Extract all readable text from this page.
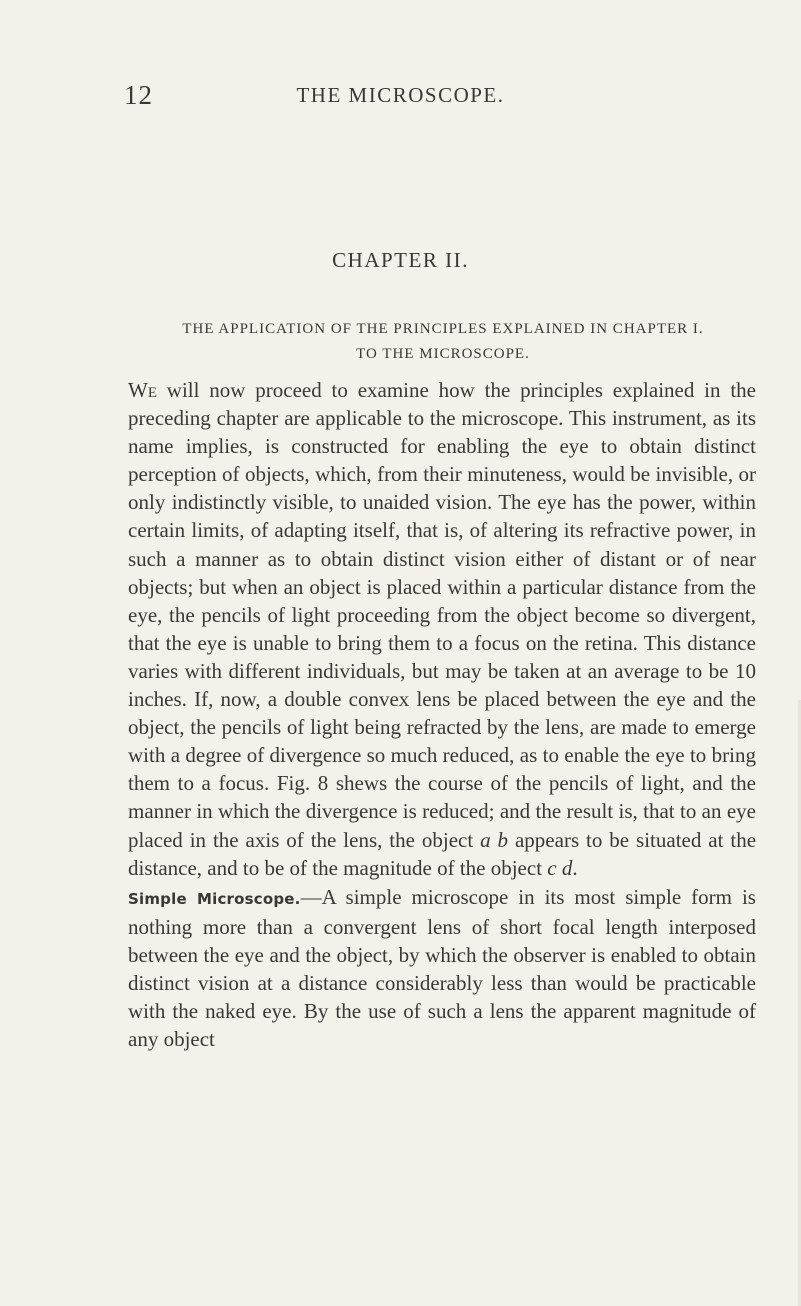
12	THE MICROSCOPE.
CHAPTER II.
THE APPLICATION OF THE PRINCIPLES EXPLAINED IN CHAPTER I.
TO THE MICROSCOPE.

We will now proceed to examine how the principles explained in the preceding chapter are applicable to the microscope. This instrument, as its name implies, is constructed for enabling the eye to obtain distinct perception of objects, which, from their minuteness, would be invisible, or only indistinctly visible, to unaided vision. The eye has the power, within certain limits, of adapting itself, that is, of altering its refractive power, in such a manner as to obtain distinct vision either of distant or of near objects; but when an object is placed within a particular distance from the eye, the pencils of light proceeding from the object become so divergent, that the eye is unable to bring them to a focus on the retina. This distance varies with different individuals, but may be taken at an average to be 10 inches. If, now, a double convex lens be placed between the eye and the object, the pencils of light being refracted by the lens, are made to emerge with a degree of divergence so much reduced, as to enable the eye to bring them to a focus. Fig. 8 shews the course of the pencils of light, and the manner in which the divergence is reduced; and the result is, that to an eye placed in the axis of the lens, the object a b appears to be situated at the distance, and to be of the magnitude of the object c d.

Simple Microscope.—A simple microscope in its most simple form is nothing more than a convergent lens of short focal length interposed between the eye and the object, by which the observer is enabled to obtain distinct vision at a distance considerably less than would be practicable with the naked eye. By the use of such a lens the apparent magnitude of any object
